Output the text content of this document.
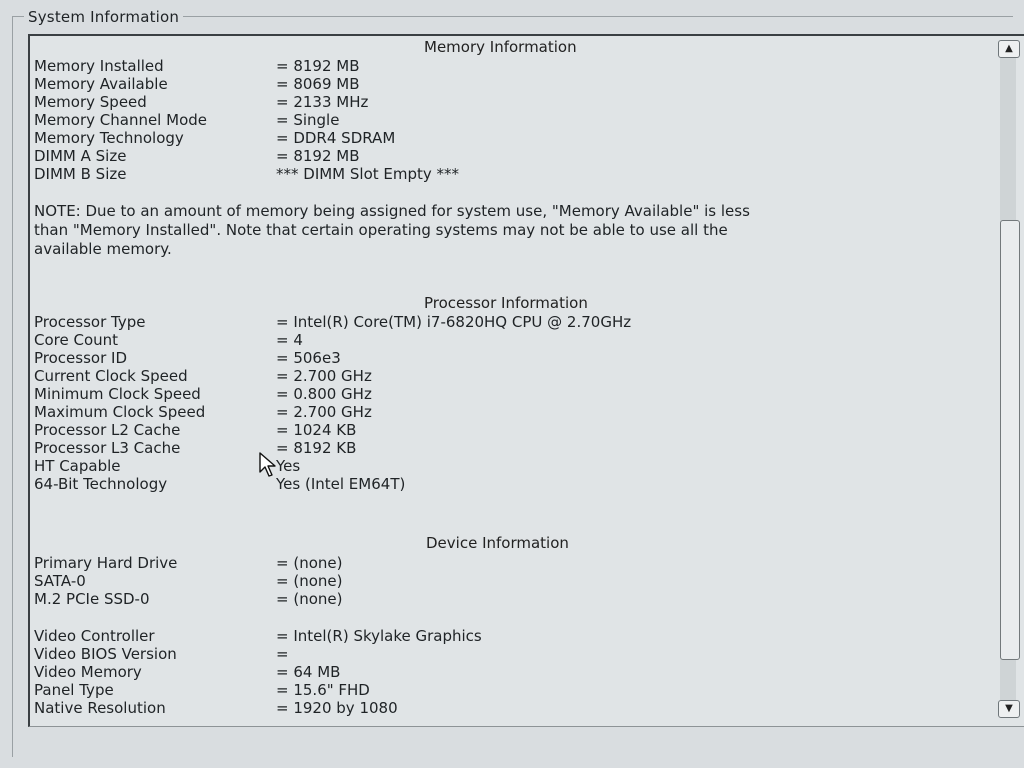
System Information
Memory Information
Memory Installed	= 8192 MB
Memory Available	= 8069 MB
Memory Speed	= 2133 MHz
Memory Channel Mode	= Single
Memory Technology	= DDR4 SDRAM
DIMM A Size	= 8192 MB
DIMM B Size	*** DIMM Slot Empty ***
NOTE: Due to an amount of memory being assigned for system use, "Memory Available" is less
than "Memory Installed". Note that certain operating systems may not be able to use all the
available memory.
Processor Information
Processor Type	= Intel(R) Core(TM) i7-6820HQ CPU @ 2.70GHz
Core Count	= 4
Processor ID	= 506e3
Current Clock Speed	= 2.700 GHz
Minimum Clock Speed	= 0.800 GHz
Maximum Clock Speed	= 2.700 GHz
Processor L2 Cache	= 1024 KB
Processor L3 Cache	= 8192 KB
HT Capable	Yes
64-Bit Technology	Yes (Intel EM64T)
Device Information
Primary Hard Drive	= (none)
SATA-0	= (none)
M.2 PCIe SSD-0	= (none)
Video Controller	= Intel(R) Skylake Graphics
Video BIOS Version	=
Video Memory	= 64 MB
Panel Type	= 15.6" FHD
Native Resolution	= 1920 by 1080
▲
▼
